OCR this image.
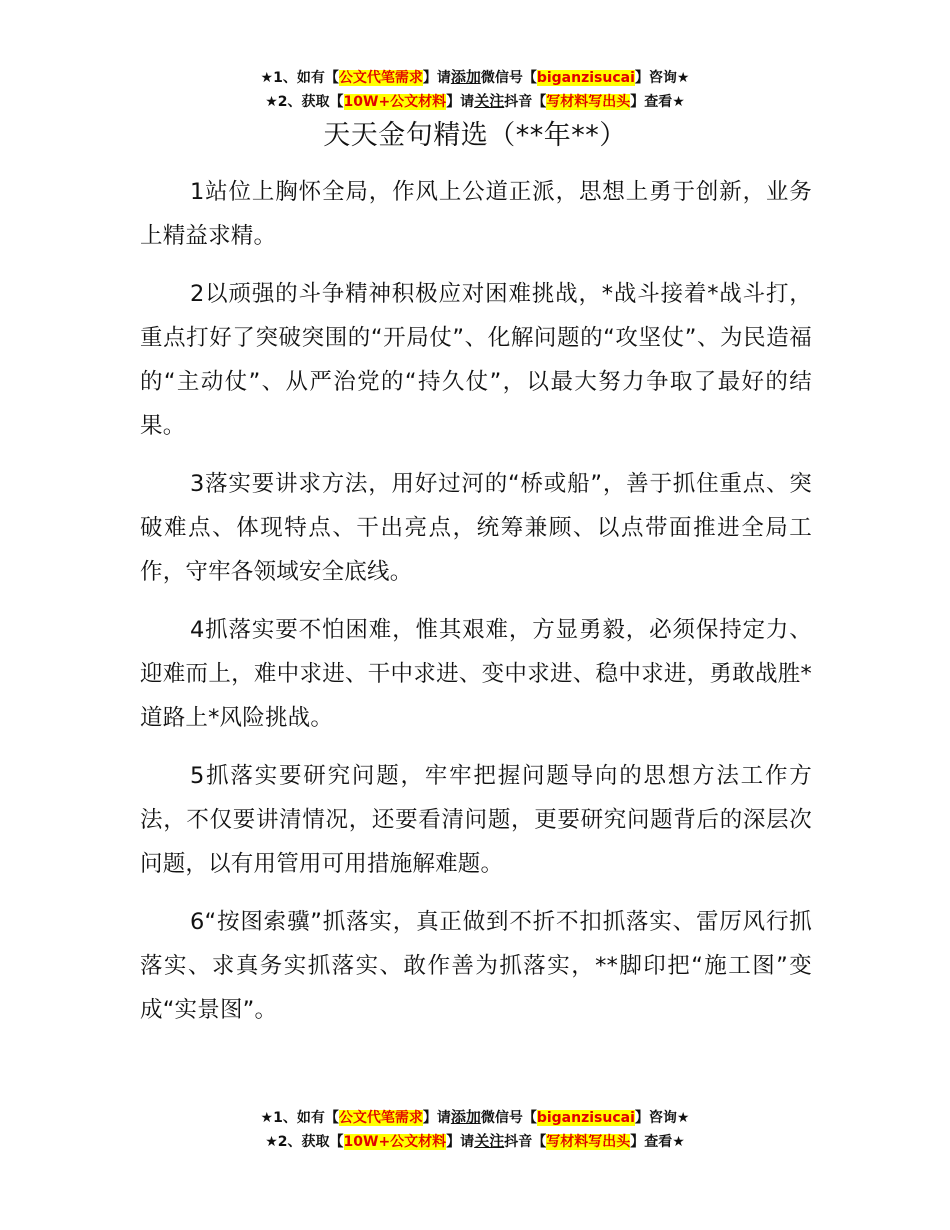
★1、如有【公文代笔需求】请添加微信号【biganzisucai】咨询★
★2、获取【10W+公文材料】请关注抖音【写材料写出头】查看★
天天金句精选（**年**）

1站位上胸怀全局，作风上公道正派，思想上勇于创新，业务上精益求精。

2以顽强的斗争精神积极应对困难挑战，*战斗接着*战斗打，重点打好了突破突围的“开局仗”、化解问题的“攻坚仗”、为民造福的“主动仗”、从严治党的“持久仗”，以最大努力争取了最好的结果。

3落实要讲求方法，用好过河的“桥或船”，善于抓住重点、突破难点、体现特点、干出亮点，统筹兼顾、以点带面推进全局工作，守牢各领域安全底线。

4抓落实要不怕困难，惟其艰难，方显勇毅，必须保持定力、迎难而上，难中求进、干中求进、变中求进、稳中求进，勇敢战胜*道路上*风险挑战。

5抓落实要研究问题，牢牢把握问题导向的思想方法工作方法，不仅要讲清情况，还要看清问题，更要研究问题背后的深层次问题，以有用管用可用措施解难题。

6“按图索骥”抓落实，真正做到不折不扣抓落实、雷厉风行抓落实、求真务实抓落实、敢作善为抓落实，**脚印把“施工图”变成“实景图”。

★1、如有【公文代笔需求】请添加微信号【biganzisucai】咨询★
★2、获取【10W+公文材料】请关注抖音【写材料写出头】查看★
